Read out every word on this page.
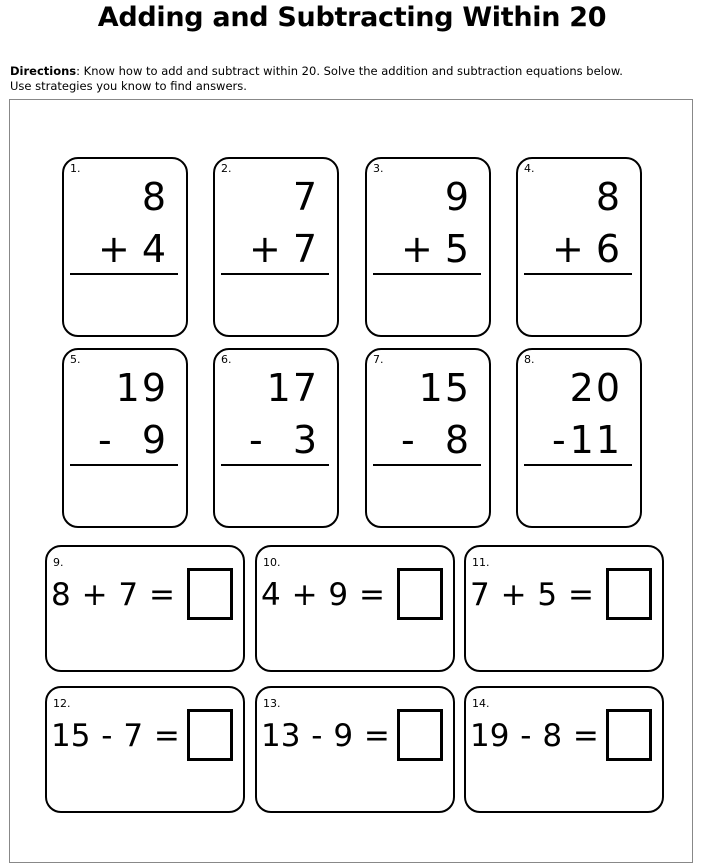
Adding and Subtracting Within 20
Directions: Know how to add and subtract within 20. Solve the addition and subtraction equations below.
Use strategies you know to find answers.
1.
8
+ 4
2.
7
+ 7
3.
9
+ 5
4.
8
+ 6
5.
19
- 9
6.
17
- 3
7.
15
- 8
8.
20
- 11
9.
8 + 7 =
10.
4 + 9 =
11.
7 + 5 =
12.
15 - 7 =
13.
13 - 9 =
14.
19 - 8 =
